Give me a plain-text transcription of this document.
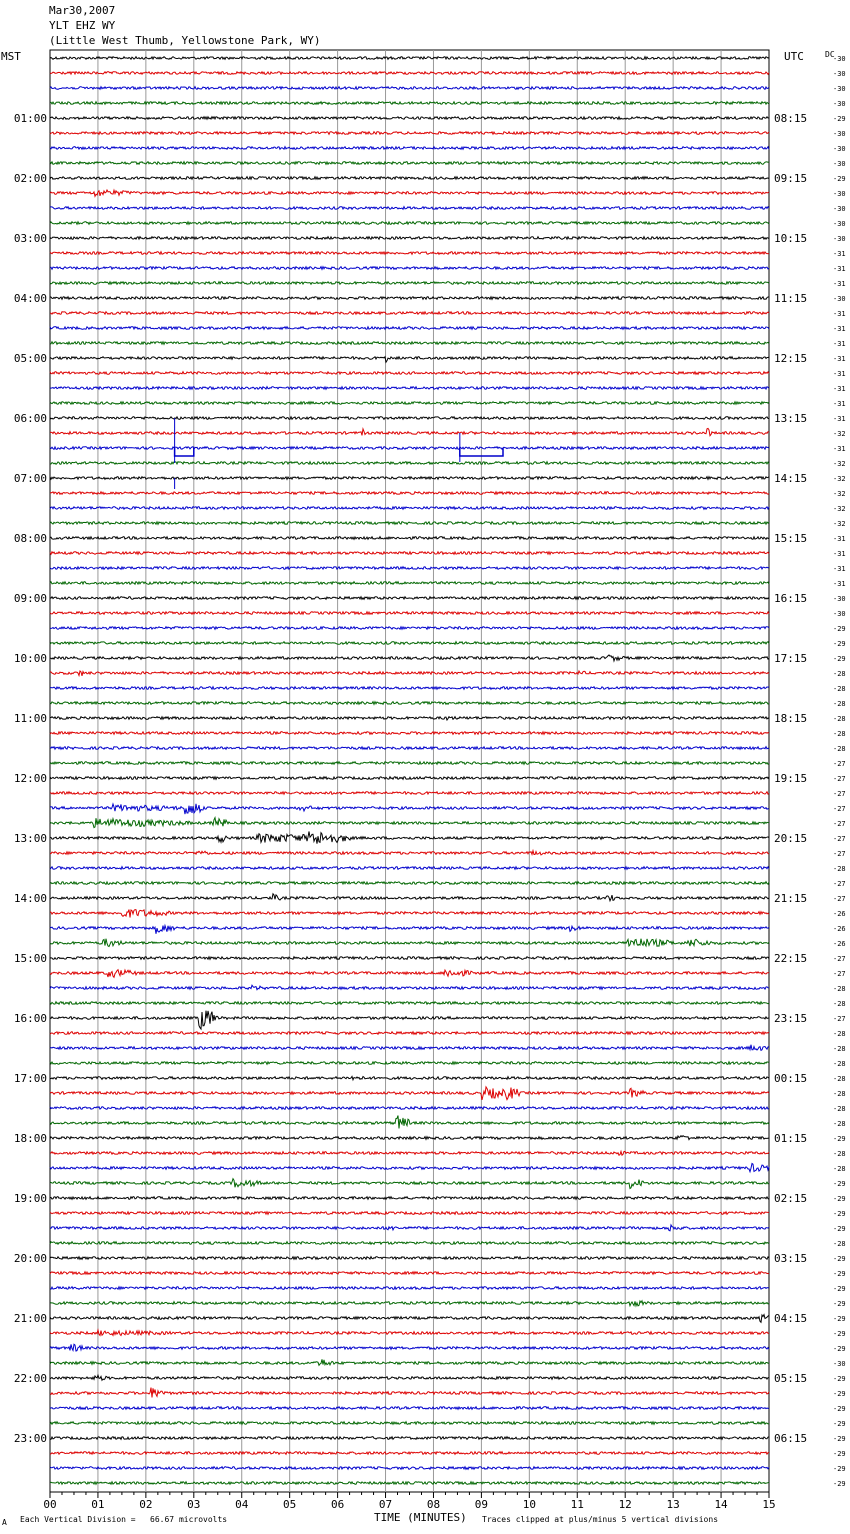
-30
-30
-30
-30
-29
-30
-30
-30
-29
-30
-30
-30
-30
-31
-31
-31
-30
-31
-31
-31
-31
-31
-31
-31
-31
-32
-31
-32
-32
-32
-32
-32
-31
-31
-31
-31
-30
-30
-29
-29
-29
-28
-28
-28
-28
-28
-28
-27
-27
-27
-27
-27
-27
-27
-28
-27
-27
-26
-26
-26
-27
-27
-28
-28
-27
-28
-28
-28
-28
-28
-28
-28
-29
-28
-28
-29
-29
-29
-29
-28
-29
-29
-29
-29
-29
-29
-29
-30
-29
-29
-29
-29
-29
-29
-29
-29
01:00
02:00
03:00
04:00
05:00
06:00
07:00
08:00
09:00
10:00
11:00
12:00
13:00
14:00
15:00
16:00
17:00
18:00
19:00
20:00
21:00
22:00
23:00
08:15
09:15
10:15
11:15
12:15
13:15
14:15
15:15
16:15
17:15
18:15
19:15
20:15
21:15
22:15
23:15
00:15
01:15
02:15
03:15
04:15
05:15
06:15
00	01	02	03	04	05	06	07	08	09	10	11	12	13	14	15
Mar30,2007
YLT EHZ WY
(Little West Thumb, Yellowstone Park, WY)
MST	UTC	DC
A Each Vertical Division =   66.67 microvolts	TIME (MINUTES) Traces clipped at plus/minus 5 vertical divisions
